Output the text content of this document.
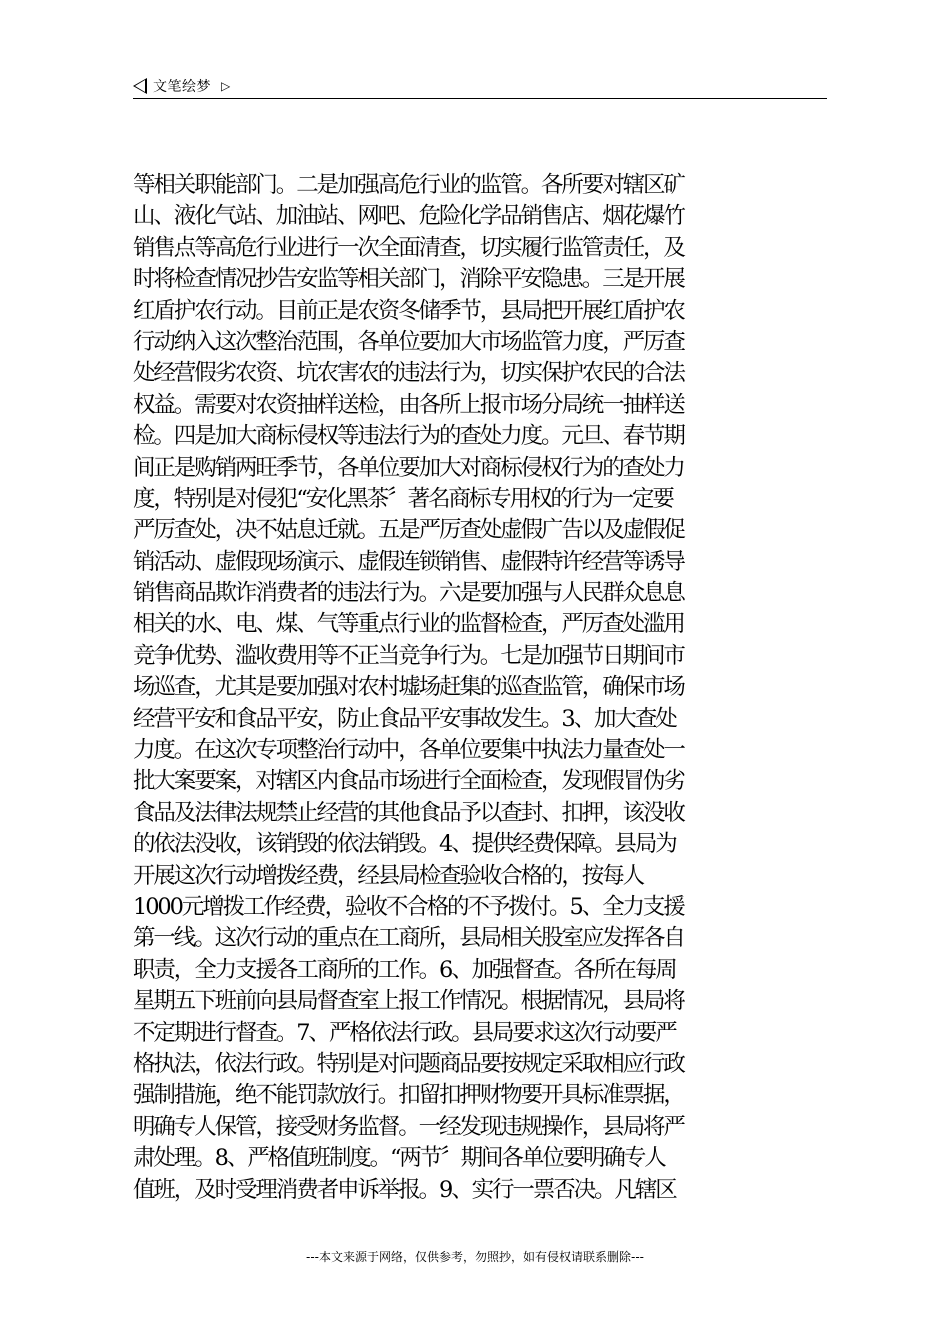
文笔绘梦 ▷
等相关职能部门。二是加强高危行业的监管。各所要对辖区矿
山、液化气站、加油站、网吧、危险化学品销售店、烟花爆竹
销售点等高危行业进行一次全面清查，切实履行监管责任，及
时将检查情况抄告安监等相关部门，消除平安隐患。三是开展
红盾护农行动。目前正是农资冬储季节，县局把开展红盾护农
行动纳入这次整治范围，各单位要加大市场监管力度，严厉查
处经营假劣农资、坑农害农的违法行为，切实保护农民的合法
权益。需要对农资抽样送检，由各所上报市场分局统一抽样送
检。四是加大商标侵权等违法行为的查处力度。元旦、春节期
间正是购销两旺季节，各单位要加大对商标侵权行为的查处力
度，特别是对侵犯“安化黑茶〞著名商标专用权的行为一定要
严厉查处，决不姑息迁就。五是严厉查处虚假广告以及虚假促
销活动、虚假现场演示、虚假连锁销售、虚假特许经营等诱导
销售商品欺诈消费者的违法行为。六是要加强与人民群众息息
相关的水、电、煤、气等重点行业的监督检查，严厉查处滥用
竞争优势、滥收费用等不正当竞争行为。七是加强节日期间市
场巡查，尤其是要加强对农村墟场赶集的巡查监管，确保市场
经营平安和食品平安，防止食品平安事故发生。3、加大查处
力度。在这次专项整治行动中，各单位要集中执法力量查处一
批大案要案，对辖区内食品市场进行全面检查，发现假冒伪劣
食品及法律法规禁止经营的其他食品予以查封、扣押，该没收
的依法没收，该销毁的依法销毁。4、提供经费保障。县局为
开展这次行动增拨经费，经县局检查验收合格的，按每人
1000元增拨工作经费，验收不合格的不予拨付。5、全力支援
第一线。这次行动的重点在工商所，县局相关股室应发挥各自
职责，全力支援各工商所的工作。6、加强督查。各所在每周
星期五下班前向县局督查室上报工作情况。根据情况，县局将
不定期进行督查。7、严格依法行政。县局要求这次行动要严
格执法，依法行政。特别是对问题商品要按规定采取相应行政
强制措施，绝不能罚款放行。扣留扣押财物要开具标准票据，
明确专人保管，接受财务监督。一经发现违规操作，县局将严
肃处理。8、严格值班制度。“两节〞期间各单位要明确专人
值班，及时受理消费者申诉举报。9、实行一票否决。凡辖区
---本文来源于网络，仅供参考，勿照抄，如有侵权请联系删除---
